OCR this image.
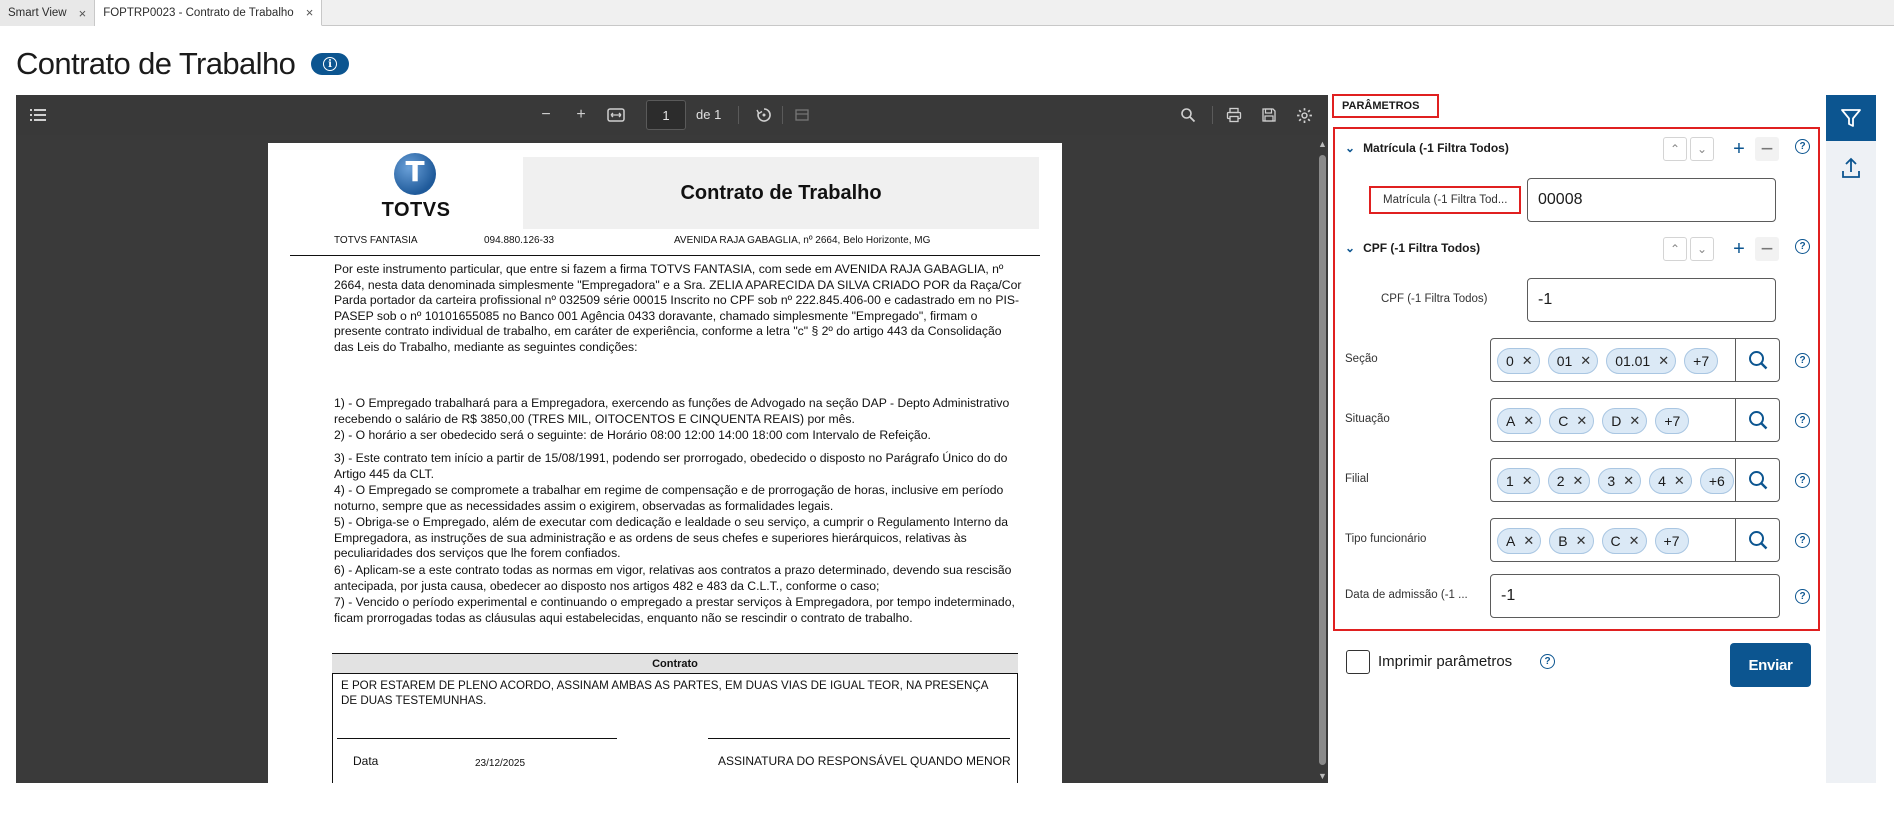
Smart View × FOPTRP0023 - Contrato de Trabalho ×
Contrato de Trabalho	i
−	+	1	de 1
▲
▼
T
TOTVS
Contrato de Trabalho
TOTVS FANTASIA	094.880.126-33	AVENIDA RAJA GABAGLIA, nº 2664, Belo Horizonte, MG
Por este instrumento particular, que entre si fazem a firma TOTVS FANTASIA, com sede em AVENIDA RAJA GABAGLIA, nº 2664, nesta data denominada simplesmente "Empregadora" e a Sra. ZELIA APARECIDA DA SILVA CRIADO POR da Raça/Cor Parda portador da carteira profissional nº 032509 série 00015 Inscrito no CPF sob nº 222.845.406-00 e cadastrado em no PIS- PASEP sob o nº 10101655085 no Banco 001 Agência 0433 doravante, chamado simplesmente "Empregado", firmam o presente contrato individual de trabalho, em caráter de experiência, conforme a letra "c" § 2º do artigo 443 da Consolidação das Leis do Trabalho, mediante as seguintes condições:
1) - O Empregado trabalhará para a Empregadora, exercendo as funções de Advogado na seção DAP - Depto Administrativo recebendo o salário de R$ 3850,00 (TRES MIL, OITOCENTOS E CINQUENTA REAIS) por mês.
2) - O horário a ser obedecido será o seguinte: de Horário 08:00 12:00 14:00 18:00 com Intervalo de Refeição.
3) - Este contrato tem início a partir de 15/08/1991, podendo ser prorrogado, obedecido o disposto no Parágrafo Único do do Artigo 445 da CLT.
4) - O Empregado se compromete a trabalhar em regime de compensação e de prorrogação de horas, inclusive em período noturno, sempre que as necessidades assim o exigirem, observadas as formalidades legais.
5) - Obriga-se o Empregado, além de executar com dedicação e lealdade o seu serviço, a cumprir o Regulamento Interno da Empregadora, as instruções de sua administração e as ordens de seus chefes e superiores hierárquicos, relativas às peculiaridades dos serviços que lhe forem confiados.
6) - Aplicam-se a este contrato todas as normas em vigor, relativas aos contratos a prazo determinado, devendo sua rescisão antecipada, por justa causa, obedecer ao disposto nos artigos 482 e 483 da C.L.T., conforme o caso;
7) - Vencido o período experimental e continuando o empregado a prestar serviços à Empregadora, por tempo indeterminado, ficam prorrogadas todas as cláusulas aqui estabelecidas, enquanto não se rescindir o contrato de trabalho.
Contrato
E POR ESTAREM DE PLENO ACORDO, ASSINAM AMBAS AS PARTES, EM DUAS VIAS DE IGUAL TEOR, NA PRESENÇA DE DUAS TESTEMUNHAS.
Data	23/12/2025	ASSINATURA DO RESPONSÁVEL QUANDO MENOR
PARÂMETROS
⌄ Matrícula (-1 Filtra Todos)	⌃ ⌄ + −	?
Matrícula (-1 Filtra Tod...	00008
⌄ CPF (-1 Filtra Todos)	⌃ ⌄ + −	?
CPF (-1 Filtra Todos)	-1
Seção	0 ✕ 01 ✕ 01.01 ✕	+7	?
Situação	A ✕ C ✕ D ✕	+7	?
Filial	1 ✕ 2 ✕ 3 ✕ 4 ✕	+6	?
Tipo funcionário	A ✕ B ✕ C ✕	+7	?
Data de admissão (-1 ...	-1	?
Imprimir parâmetros	?	Enviar
